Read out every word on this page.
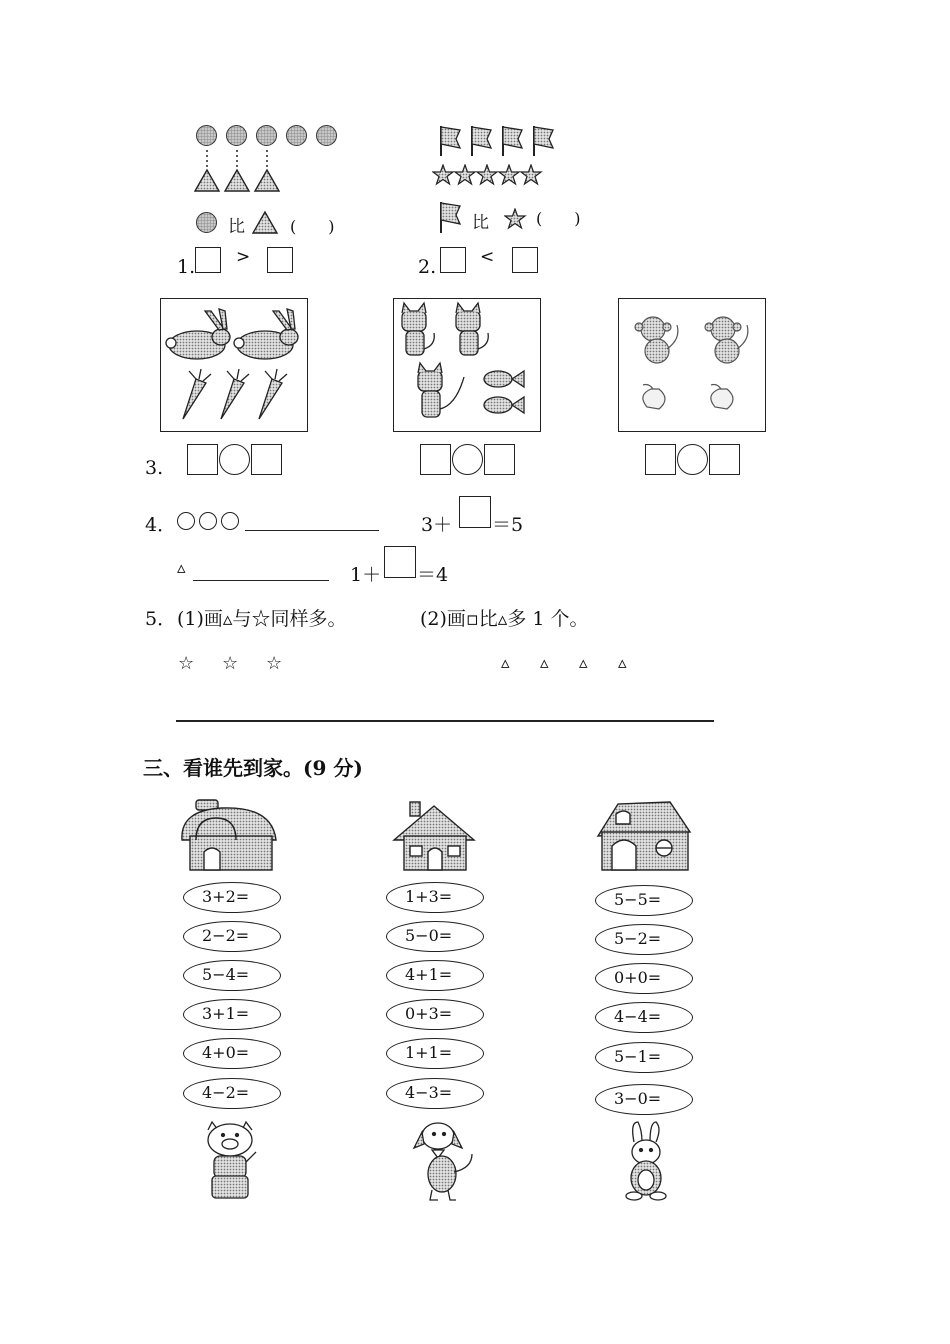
比	(　　)	比	(　　)
1. >	2.	<
3.
4．	3＋ ＝5
▵	1＋ ＝4
5． (1)画▵与☆同样多。	(2)画▫比▵多 1 个。
☆ ☆ ☆	▵ ▵ ▵ ▵
三、看谁先到家。(9 分)
3+2=
2−2=
5−4=
3+1=
4+0=
4−2=
1+3=
5−0=
4+1=
0+3=
1+1=
4−3=
5−5=
5−2=
0+0=
4−4=
5−1=
3−0=
